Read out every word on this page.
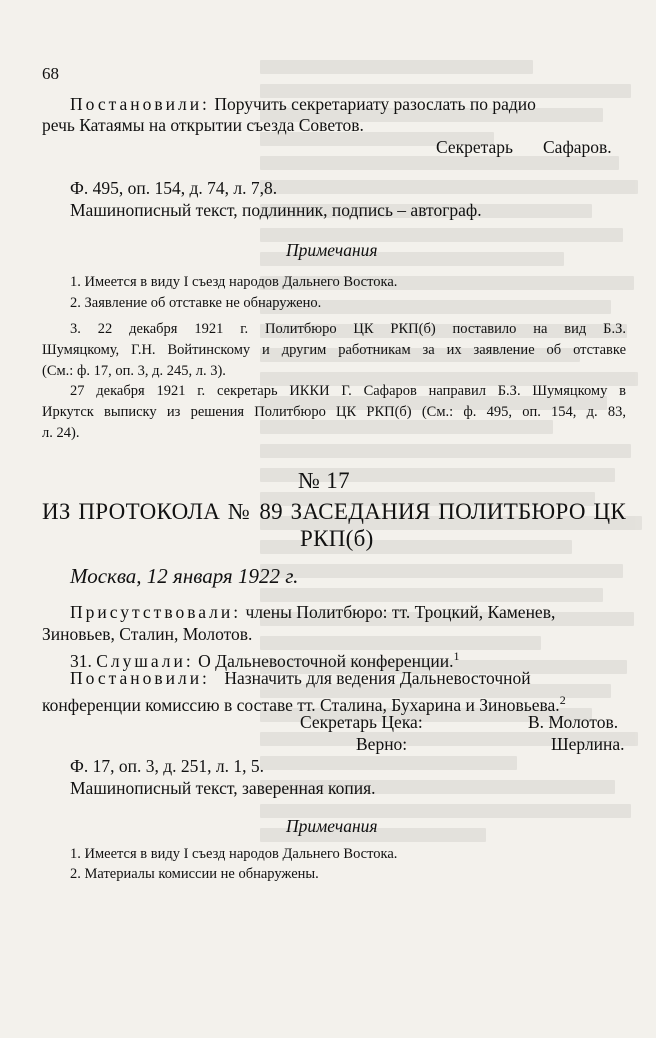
68
Постановили: Поручить секретариату разослать по радио
речь Катаямы на открытии съезда Советов.
Секретарь Сафаров.
Ф. 495, оп. 154, д. 74, л. 7,8.
Машинописный текст, подлинник, подпись – автограф.
Примечания
1. Имеется в виду I съезд народов Дальнего Востока.
2. Заявление об отставке не обнаружено.
3. 22 декабря 1921 г. Политбюро ЦК РКП(б) поставило на вид Б.З.
Шумяцкому, Г.Н. Войтинскому и другим работникам за их заявление об отставке
(См.: ф. 17, оп. 3, д. 245, л. 3).
27 декабря 1921 г. секретарь ИККИ Г. Сафаров направил Б.З. Шумяцкому в
Иркутск выписку из решения Политбюро ЦК РКП(б) (См.: ф. 495, оп. 154, д. 83,
л. 24).
№ 17
ИЗ ПРОТОКОЛА № 89 ЗАСЕДАНИЯ ПОЛИТБЮРО ЦК
РКП(б)
Москва, 12 января 1922 г.
Присутствовали: члены Политбюро: тт. Троцкий, Каменев,
Зиновьев, Сталин, Молотов.
31. Слушали: О Дальневосточной конференции.$^1$
Постановили: Назначить для ведения Дальневосточной
конференции комиссию в составе тт. Сталина, Бухарина и Зиновьева.$^2$
Секретарь Цека:	В. Молотов.
Верно:	Шерлина.
Ф. 17, оп. 3, д. 251, л. 1, 5.
Машинописный текст, заверенная копия.
Примечания
1. Имеется в виду I съезд народов Дальнего Востока.
2. Материалы комиссии не обнаружены.
